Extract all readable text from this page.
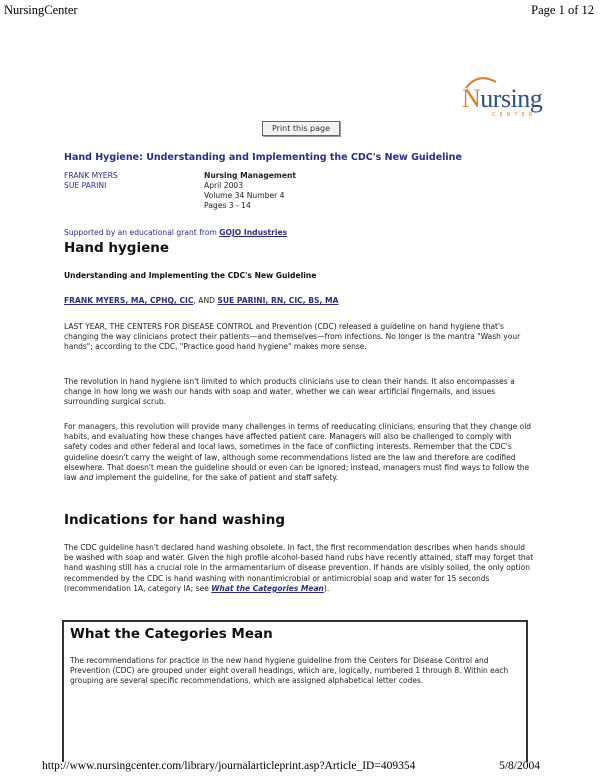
NursingCenter	Page 1 of 12
Nursing
CENTER
Print this page
Hand Hygiene: Understanding and Implementing the CDC's New Guideline
FRANK MYERS
SUE PARINI
Nursing Management
April 2003
Volume 34 Number 4
Pages 3 - 14
Supported by an educational grant from GOJO Industries
Hand hygiene
Understanding and Implementing the CDC's New Guideline
FRANK MYERS, MA, CPHQ, CIC, AND SUE PARINI, RN, CIC, BS, MA

LAST YEAR, THE CENTERS FOR DISEASE CONTROL and Prevention (CDC) released a guideline on hand hygiene that's changing the way clinicians protect their patients—and themselves—from infections. No longer is the mantra "Wash your hands"; according to the CDC, "Practice good hand hygiene" makes more sense.

The revolution in hand hygiene isn't limited to which products clinicians use to clean their hands. It also encompasses a change in how long we wash our hands with soap and water, whether we can wear artificial fingernails, and issues surrounding surgical scrub.

For managers, this revolution will provide many challenges in terms of reeducating clinicians, ensuring that they change old habits, and evaluating how these changes have affected patient care. Managers will also be challenged to comply with safety codes and other federal and local laws, sometimes in the face of conflicting interests. Remember that the CDC's guideline doesn't carry the weight of law, although some recommendations listed are the law and therefore are codified elsewhere. That doesn't mean the guideline should or even can be ignored; instead, managers must find ways to follow the law and implement the guideline, for the sake of patient and staff safety.

Indications for hand washing

The CDC guideline hasn't declared hand washing obsolete. In fact, the first recommendation describes when hands should be washed with soap and water. Given the high profile alcohol-based hand rubs have recently attained, staff may forget that hand washing still has a crucial role in the armamentarium of disease prevention. If hands are visibly soiled, the only option recommended by the CDC is hand washing with nonantimicrobial or antimicrobial soap and water for 15 seconds (recommendation 1A, category IA; see What the Categories Mean).

What the Categories Mean

The recommendations for practice in the new hand hygiene guideline from the Centers for Disease Control and Prevention (CDC) are grouped under eight overall headings, which are, logically, numbered 1 through 8. Within each grouping are several specific recommendations, which are assigned alphabetical letter codes.

http://www.nursingcenter.com/library/journalarticleprint.asp?Article_ID=409354	5/8/2004
